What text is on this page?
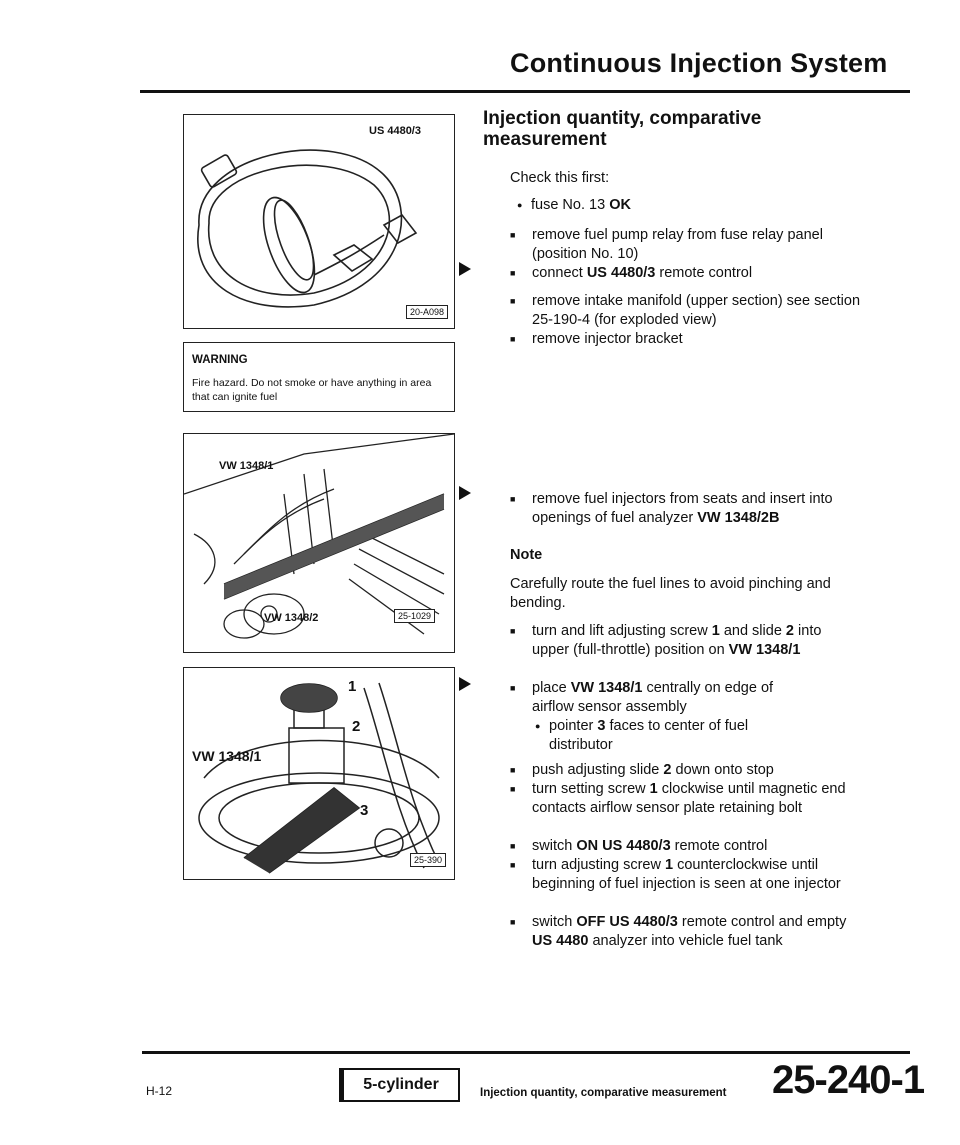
Continuous Injection System
US 4480/3
20-A098
WARNING
Fire hazard. Do not smoke or have anything in area that can ignite fuel
VW 1348/1
VW 1348/2	25-1029
VW 1348/1
1
2
3
25-390
Injection quantity, comparative measurement
Check this first:
● fuse No. 13 OK
■ remove fuel pump relay from fuse relay panel (position No. 10)
■ connect US 4480/3 remote control
■ remove intake manifold (upper section) see section 25-190-4 (for exploded view)
■ remove injector bracket
■ remove fuel injectors from seats and insert into openings of fuel analyzer VW 1348/2B
Note
Carefully route the fuel lines to avoid pinching and bending.
■ turn and lift adjusting screw 1 and slide 2 into upper (full-throttle) position on VW 1348/1
■ place VW 1348/1 centrally on edge of airflow sensor assembly
● pointer 3 faces to center of fuel distributor
■ push adjusting slide 2 down onto stop
■ turn setting screw 1 clockwise until magnetic end contacts airflow sensor plate retaining bolt
■ switch ON US 4480/3 remote control
■ turn adjusting screw 1 counterclockwise until beginning of fuel injection is seen at one injector
■ switch OFF US 4480/3 remote control and empty US 4480 analyzer into vehicle fuel tank
H-12	5-cylinder	Injection quantity, comparative measurement 25-240-1
